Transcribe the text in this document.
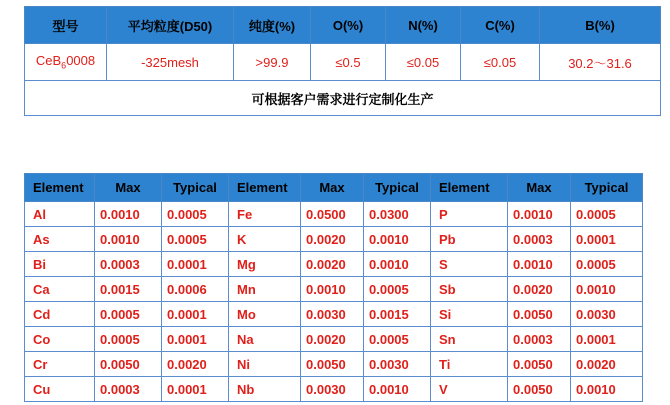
型号	平均粒度(D50)	纯度(%)	O(%)	N(%)	C(%)	B(%)
CeB$_6$0008	-325mesh	>99.9	≤0.5	≤0.05	≤0.05	30.2～31.6
可根据客户需求进行定制化生产						
Element	Max	Typical	Element	Max	Typical	Element	Max	Typical
Al	0.0010	0.0005	Fe	0.0500	0.0300	P	0.0010	0.0005
As	0.0010	0.0005	K	0.0020	0.0010	Pb	0.0003	0.0001
Bi	0.0003	0.0001	Mg	0.0020	0.0010	S	0.0010	0.0005
Ca	0.0015	0.0006	Mn	0.0010	0.0005	Sb	0.0020	0.0010
Cd	0.0005	0.0001	Mo	0.0030	0.0015	Si	0.0050	0.0030
Co	0.0005	0.0001	Na	0.0020	0.0005	Sn	0.0003	0.0001
Cr	0.0050	0.0020	Ni	0.0050	0.0030	Ti	0.0050	0.0020
Cu	0.0003	0.0001	Nb	0.0030	0.0010	V	0.0050	0.0010
